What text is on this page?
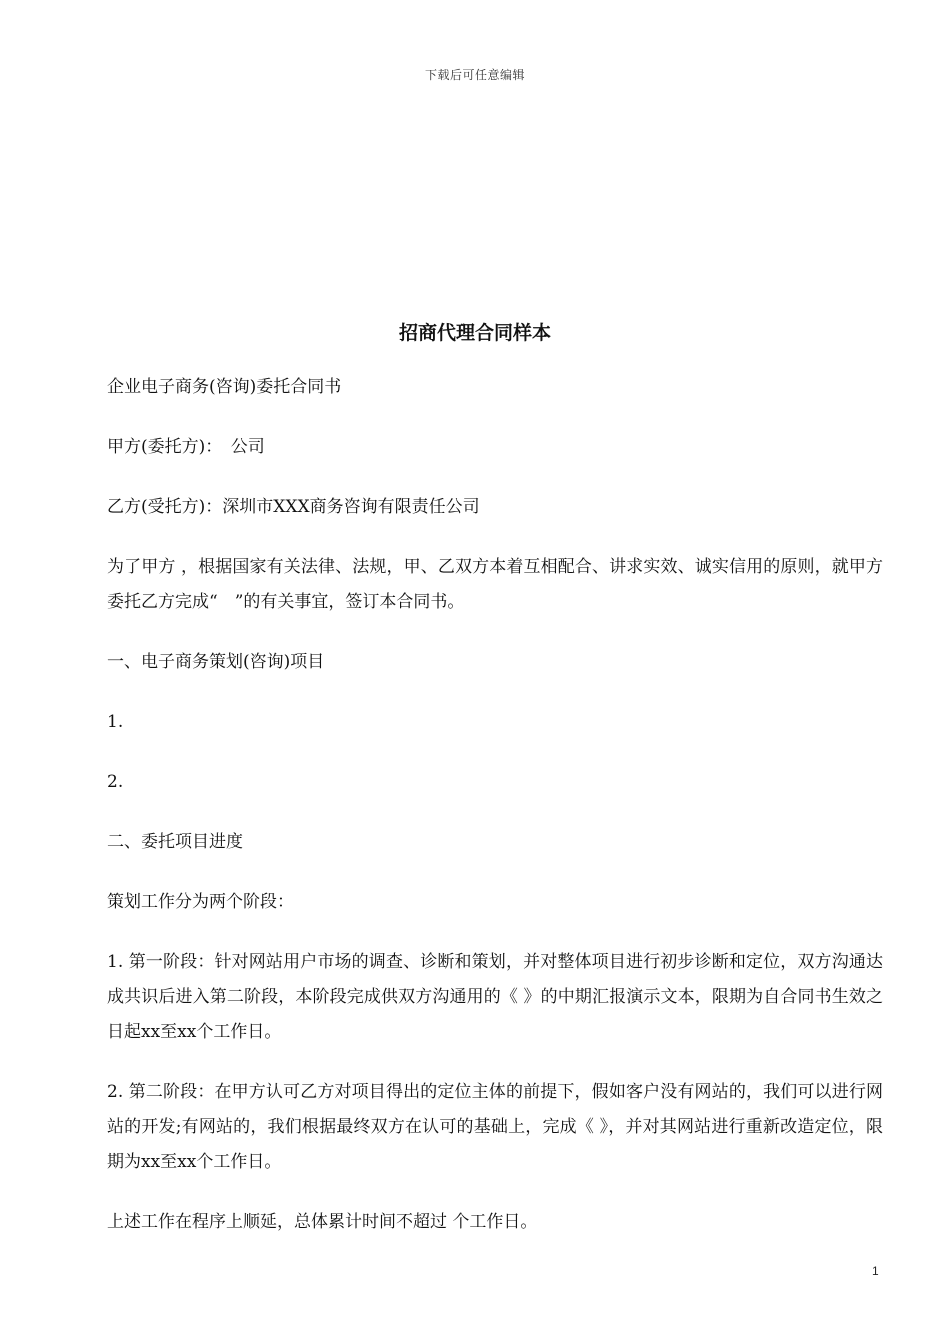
下载后可任意编辑
招商代理合同样本

企业电子商务(咨询)委托合同书

甲方(委托方)：　公司

乙方(受托方)：深圳市XXX商务咨询有限责任公司

为了甲方 ，根据国家有关法律、法规，甲、乙双方本着互相配合、讲求实效、诚实信用的原则，就甲方委托乙方完成“　”的有关事宜，签订本合同书。

一、电子商务策划(咨询)项目

1.

2.

二、委托项目进度

策划工作分为两个阶段：

1. 第一阶段：针对网站用户市场的调查、诊断和策划，并对整体项目进行初步诊断和定位，双方沟通达成共识后进入第二阶段，本阶段完成供双方沟通用的《 》的中期汇报演示文本，限期为自合同书生效之日起xx至xx个工作日。

2. 第二阶段：在甲方认可乙方对项目得出的定位主体的前提下，假如客户没有网站的，我们可以进行网站的开发;有网站的，我们根据最终双方在认可的基础上，完成《 》，并对其网站进行重新改造定位，限期为xx至xx个工作日。

上述工作在程序上顺延，总体累计时间不超过 个工作日。

1
